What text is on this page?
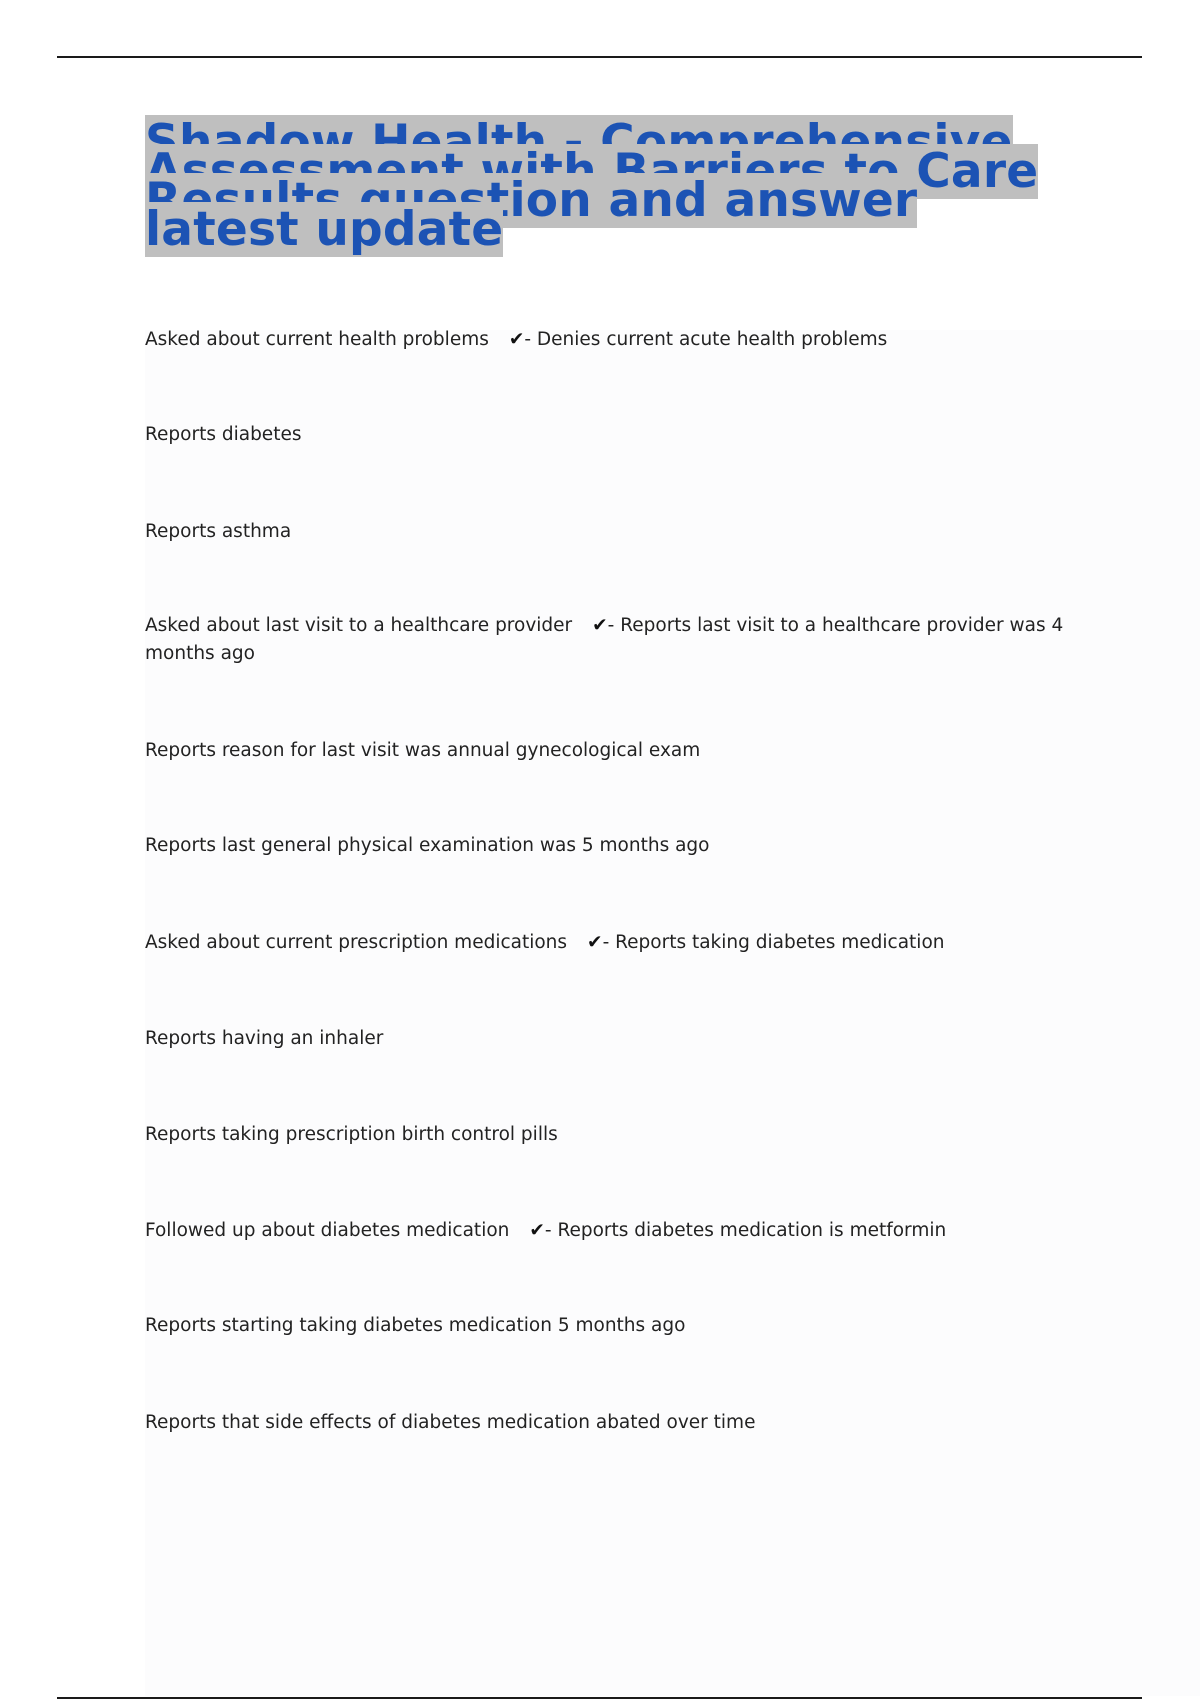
Shadow Health - Comprehensive Assessment with Barriers to Care Results question and answer latest update
Asked about current health problems ✔- Denies current acute health problems
Reports diabetes
Reports asthma
Asked about last visit to a healthcare provider ✔- Reports last visit to a healthcare provider was 4 months ago
Reports reason for last visit was annual gynecological exam
Reports last general physical examination was 5 months ago
Asked about current prescription medications ✔- Reports taking diabetes medication
Reports having an inhaler
Reports taking prescription birth control pills
Followed up about diabetes medication ✔- Reports diabetes medication is metformin
Reports starting taking diabetes medication 5 months ago
Reports that side effects of diabetes medication abated over time
